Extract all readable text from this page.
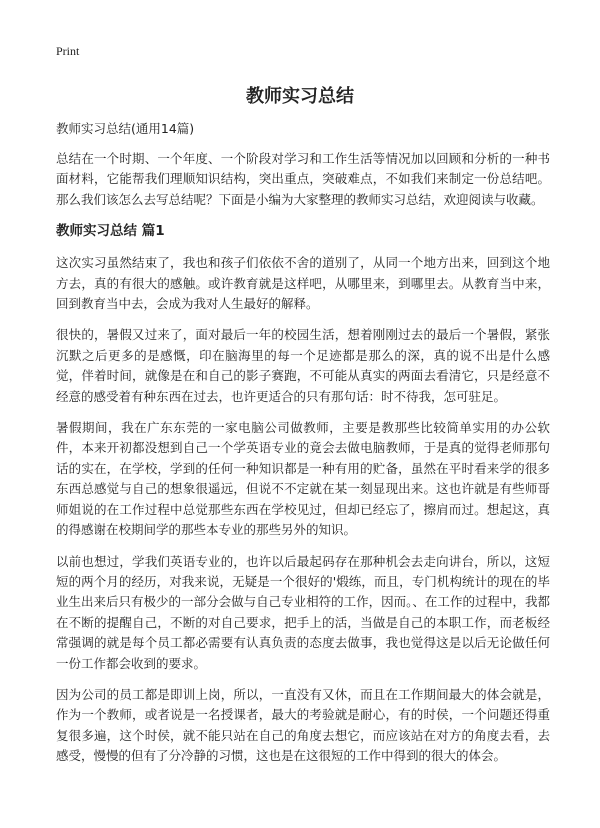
Print
教师实习总结

教师实习总结(通用14篇)

总结在一个时期、一个年度、一个阶段对学习和工作生活等情况加以回顾和分析的一种书面材料，它能帮我们理顺知识结构，突出重点，突破难点，不如我们来制定一份总结吧。那么我们该怎么去写总结呢？下面是小编为大家整理的教师实习总结，欢迎阅读与收藏。

教师实习总结 篇1

这次实习虽然结束了，我也和孩子们依依不舍的道别了，从同一个地方出来，回到这个地方去，真的有很大的感触。或许教育就是这样吧，从哪里来，到哪里去。从教育当中来，回到教育当中去，会成为我对人生最好的解释。

很快的，暑假又过来了，面对最后一年的校园生活，想着刚刚过去的最后一个暑假，紧张沉默之后更多的是感慨，印在脑海里的每一个足迹都是那么的深，真的说不出是什么感觉，伴着时间，就像是在和自己的影子赛跑，不可能从真实的两面去看清它，只是经意不经意的感受着有种东西在过去，也许更适合的只有那句话：时不待我，怎可驻足。

暑假期间，我在广东东莞的一家电脑公司做教师，主要是教那些比较简单实用的办公软件，本来开初都没想到自己一个学英语专业的竟会去做电脑教师，于是真的觉得老师那句话的实在，在学校，学到的任何一种知识都是一种有用的贮备，虽然在平时看来学的很多东西总感觉与自己的想象很遥远，但说不不定就在某一刻显现出来。这也许就是有些师哥师姐说的在工作过程中总觉那些东西在学校见过，但却已经忘了，擦肩而过。想起这，真的得感谢在校期间学的那些本专业的那些另外的知识。

以前也想过，学我们英语专业的，也许以后最起码存在那种机会去走向讲台，所以，这短短的两个月的经历，对我来说，无疑是一个很好的'煅练，而且，专门机构统计的现在的毕业生出来后只有极少的一部分会做与自己专业相符的工作，因而。、在工作的过程中，我都在不断的提醒自己，不断的对自己要求，把手上的活，当做是自己的本职工作，而老板经常强调的就是每个员工都必需要有认真负责的态度去做事，我也觉得这是以后无论做任何一份工作都会收到的要求。

因为公司的员工都是即训上岗，所以，一直没有又休，而且在工作期间最大的体会就是，作为一个教师，或者说是一名授课者，最大的考验就是耐心，有的时侯，一个问题还得重复很多遍，这个时侯，就不能只站在自己的角度去想它，而应该站在对方的角度去看，去感受，慢慢的但有了分冷静的习惯，这也是在这很短的工作中得到的很大的体会。
